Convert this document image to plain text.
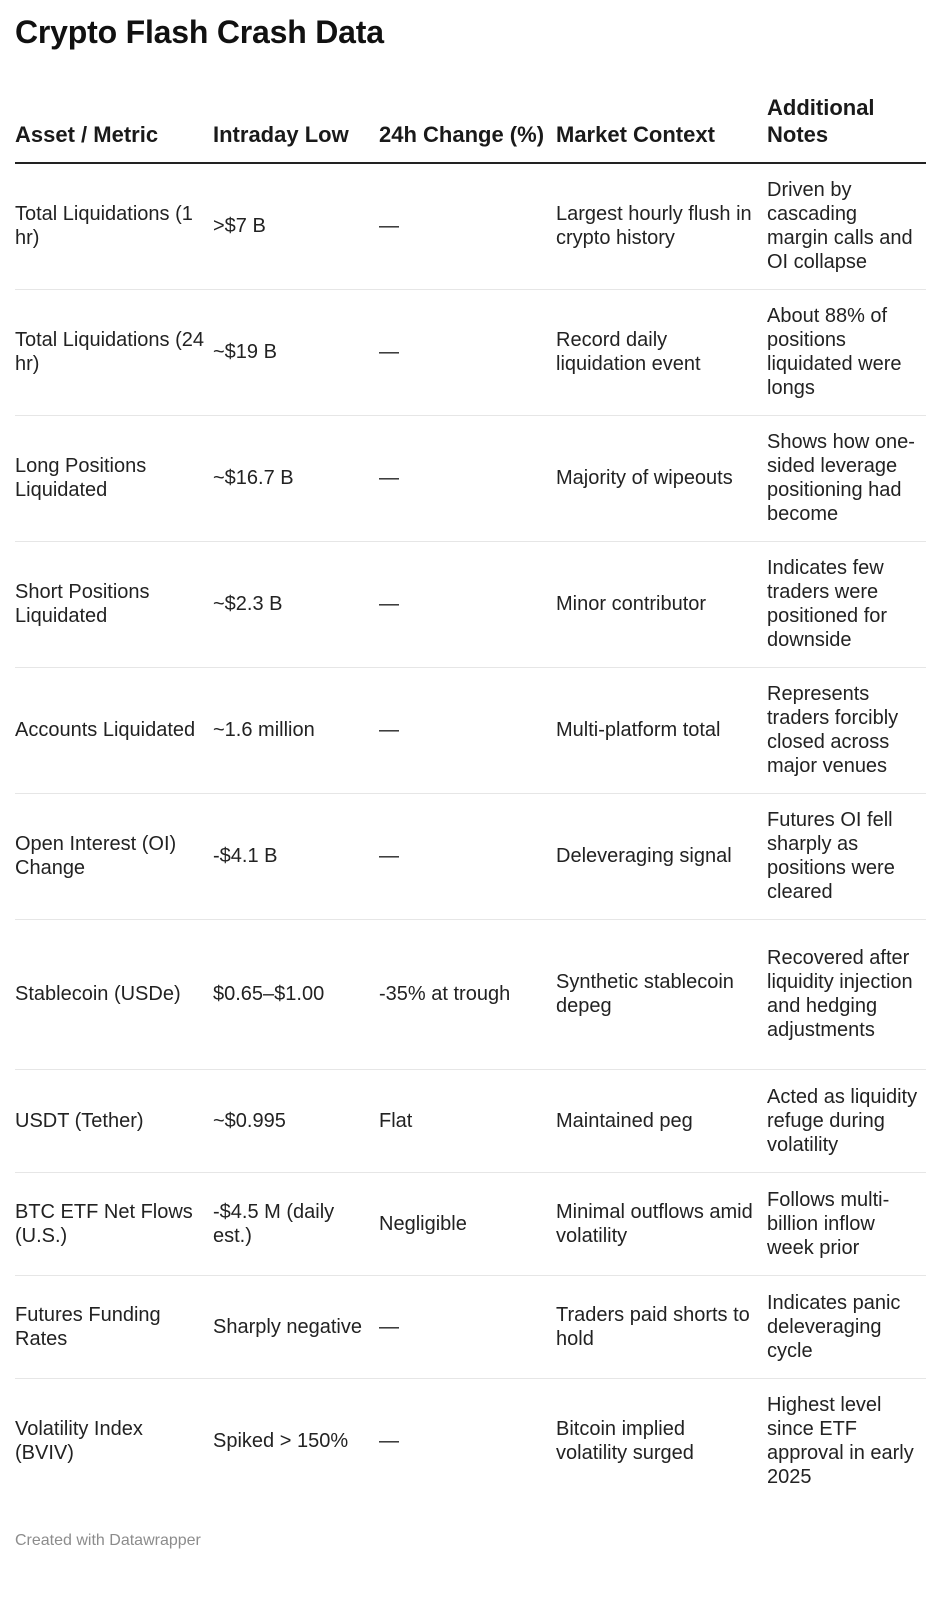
Crypto Flash Crash Data
Asset / Metric	Intraday Low	24h Change (%)	Market Context	Additional Notes
Total Liquidations (1 hr)	>$7 B	—	Largest hourly flush in crypto history	Driven by cascading margin calls and OI collapse
Total Liquidations (24 hr)	~$19 B	—	Record daily liquidation event	About 88% of positions liquidated were longs
Long Positions Liquidated	~$16.7 B	—	Majority of wipeouts	Shows how one-sided leverage positioning had become
Short Positions Liquidated	~$2.3 B	—	Minor contributor	Indicates few traders were positioned for downside
Accounts Liquidated	~1.6 million	—	Multi-platform total	Represents traders forcibly closed across major venues
Open Interest (OI) Change	-$4.1 B	—	Deleveraging signal	Futures OI fell sharply as positions were cleared
Stablecoin (USDe)	$0.65–$1.00	-35% at trough	Synthetic stablecoin depeg	Recovered after liquidity injection and hedging adjustments
USDT (Tether)	~$0.995	Flat	Maintained peg	Acted as liquidity refuge during volatility
BTC ETF Net Flows (U.S.)	-$4.5 M (daily est.)	Negligible	Minimal outflows amid volatility	Follows multi-billion inflow week prior
Futures Funding Rates	Sharply negative	—	Traders paid shorts to hold	Indicates panic deleveraging cycle
Volatility Index (BVIV)	Spiked > 150%	—	Bitcoin implied volatility surged	Highest level since ETF approval in early 2025
Created with Datawrapper
